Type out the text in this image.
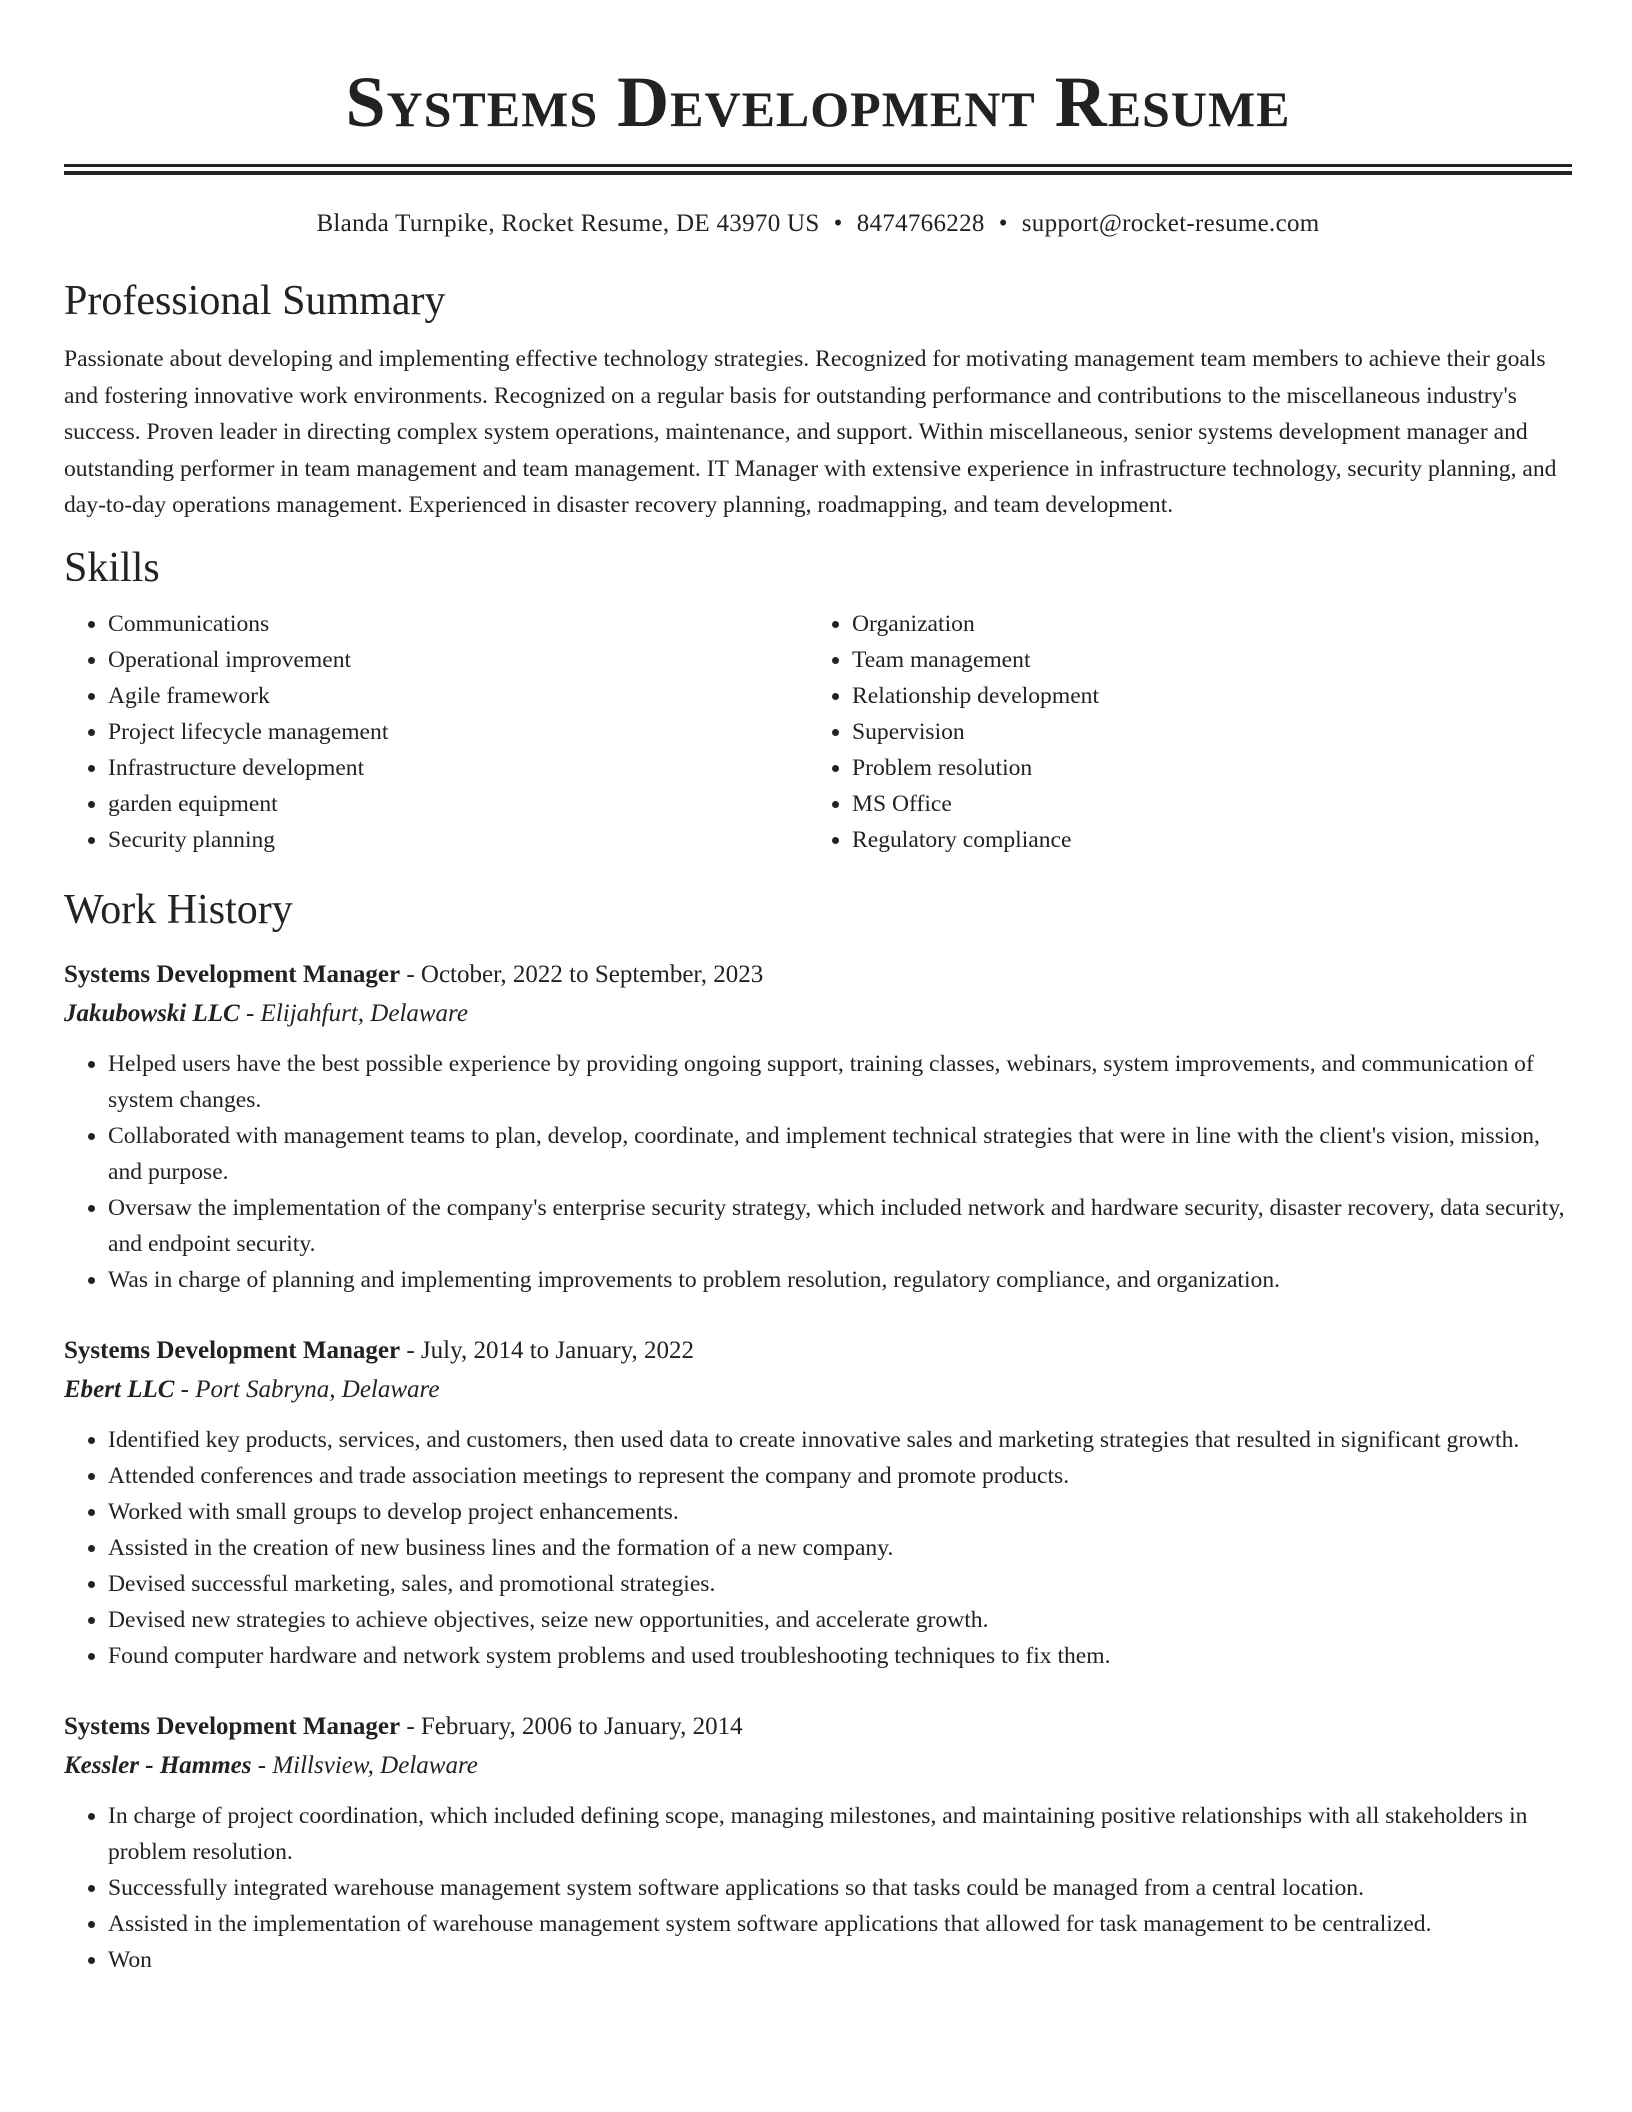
Systems Development Resume
Blanda Turnpike, Rocket Resume, DE 43970 US • 8474766228 • support@rocket-resume.com
Professional Summary

Passionate about developing and implementing effective technology strategies. Recognized for motivating management team members to achieve their goals and fostering innovative work environments. Recognized on a regular basis for outstanding performance and contributions to the miscellaneous industry's success. Proven leader in directing complex system operations, maintenance, and support. Within miscellaneous, senior systems development manager and outstanding performer in team management and team management. IT Manager with extensive experience in infrastructure technology, security planning, and day-to-day operations management. Experienced in disaster recovery planning, roadmapping, and team development.

Skills
• Communications
• Operational improvement
• Agile framework
• Project lifecycle management
• Infrastructure development
• garden equipment
• Security planning
• Organization
• Team management
• Relationship development
• Supervision
• Problem resolution
• MS Office
• Regulatory compliance
Work History
Systems Development Manager - October, 2022 to September, 2023
Jakubowski LLC - Elijahfurt, Delaware
• Helped users have the best possible experience by providing ongoing support, training classes, webinars, system improvements, and communication of system changes.
• Collaborated with management teams to plan, develop, coordinate, and implement technical strategies that were in line with the client's vision, mission, and purpose.
• Oversaw the implementation of the company's enterprise security strategy, which included network and hardware security, disaster recovery, data security, and endpoint security.
• Was in charge of planning and implementing improvements to problem resolution, regulatory compliance, and organization.
Systems Development Manager - July, 2014 to January, 2022
Ebert LLC - Port Sabryna, Delaware
• Identified key products, services, and customers, then used data to create innovative sales and marketing strategies that resulted in significant growth.
• Attended conferences and trade association meetings to represent the company and promote products.
• Worked with small groups to develop project enhancements.
• Assisted in the creation of new business lines and the formation of a new company.
• Devised successful marketing, sales, and promotional strategies.
• Devised new strategies to achieve objectives, seize new opportunities, and accelerate growth.
• Found computer hardware and network system problems and used troubleshooting techniques to fix them.
Systems Development Manager - February, 2006 to January, 2014
Kessler - Hammes - Millsview, Delaware
• In charge of project coordination, which included defining scope, managing milestones, and maintaining positive relationships with all stakeholders in problem resolution.
• Successfully integrated warehouse management system software applications so that tasks could be managed from a central location.
• Assisted in the implementation of warehouse management system software applications that allowed for task management to be centralized.
• Won
